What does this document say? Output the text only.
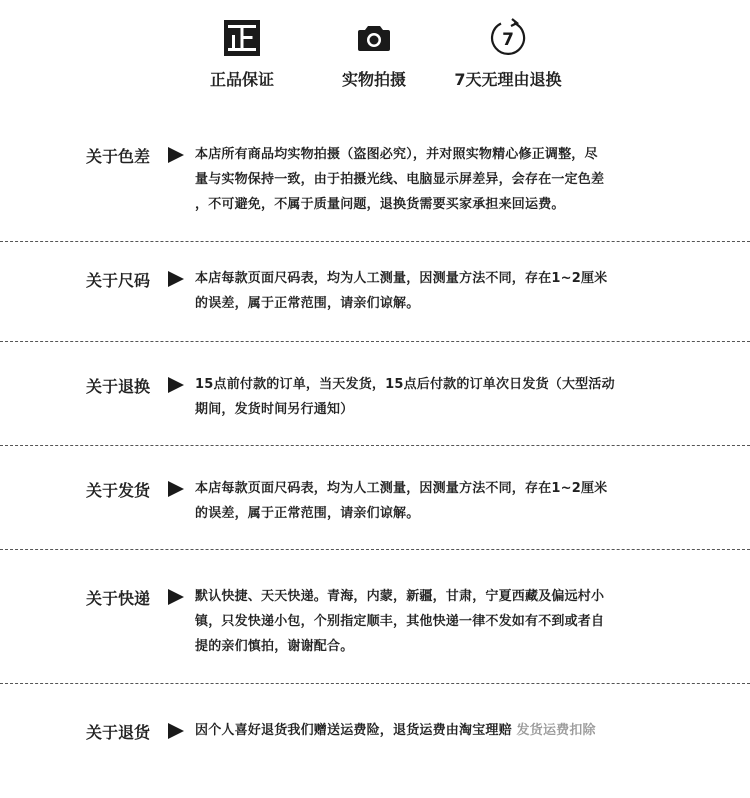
正品保证	实物拍摄
7
7天无理由退换
关于色差	本店所有商品均实物拍摄（盗图必究），并对照实物精心修正调整，尽
量与实物保持一致，由于拍摄光线、电脑显示屏差异，会存在一定色差
，不可避免，不属于质量问题，退换货需要买家承担来回运费。
关于尺码	本店每款页面尺码表，均为人工测量，因测量方法不同，存在1~2厘米
的误差，属于正常范围，请亲们谅解。
关于退换	15点前付款的订单，当天发货，15点后付款的订单次日发货（大型活动
期间，发货时间另行通知）
关于发货	本店每款页面尺码表，均为人工测量，因测量方法不同，存在1~2厘米
的误差，属于正常范围，请亲们谅解。
关于快递	默认快捷、天天快递。青海，内蒙，新疆，甘肃，宁夏西藏及偏远村小
镇，只发快递小包，个别指定顺丰，其他快递一律不发如有不到或者自
提的亲们慎拍，谢谢配合。
关于退货	因个人喜好退货我们赠送运费险，退货运费由淘宝理赔 发货运费扣除
